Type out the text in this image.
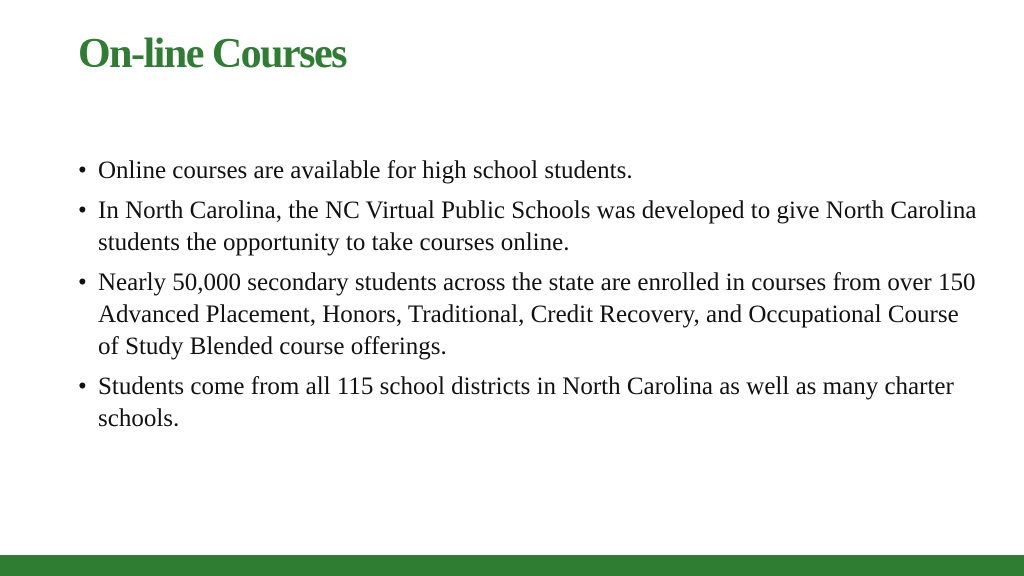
On-line Courses
• Online courses are available for high school students.
• In North Carolina, the NC Virtual Public Schools was developed to give North Carolina students the opportunity to take courses online.
• Nearly 50,000 secondary students across the state are enrolled in courses from over 150 Advanced Placement, Honors, Traditional, Credit Recovery, and Occupational Course of Study Blended course offerings.
• Students come from all 115 school districts in North Carolina as well as many charter schools.
